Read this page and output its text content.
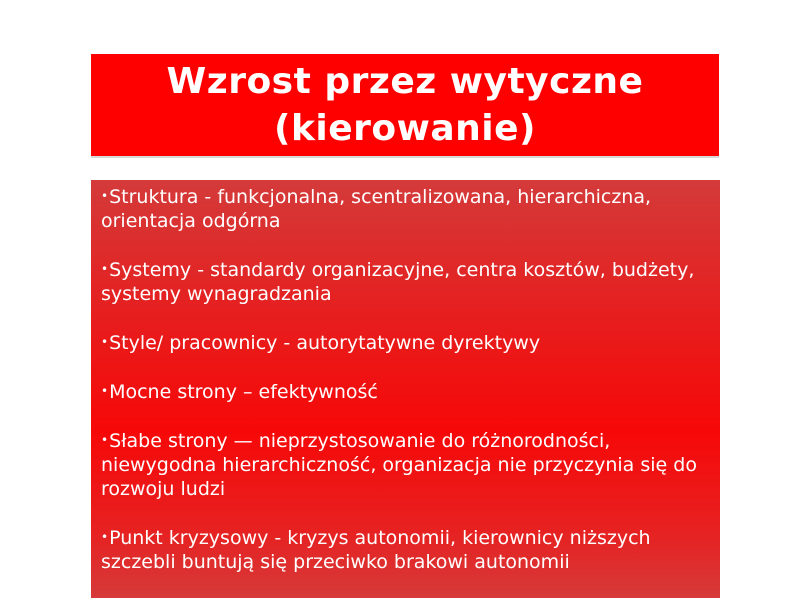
Wzrost przez wytyczne
(kierowanie)
•Struktura - funkcjonalna, scentralizowana, hierarchiczna, orientacja odgórna
•Systemy - standardy organizacyjne, centra kosztów, budżety, systemy wynagradzania
•Style/ pracownicy - autorytatywne dyrektywy
•Mocne strony – efektywność
•Słabe strony — nieprzystosowanie do różnorodności, niewygodna hierarchiczność, organizacja nie przyczynia się do rozwoju ludzi
•Punkt kryzysowy - kryzys autonomii, kierownicy niższych szczebli buntują się przeciwko brakowi autonomii
